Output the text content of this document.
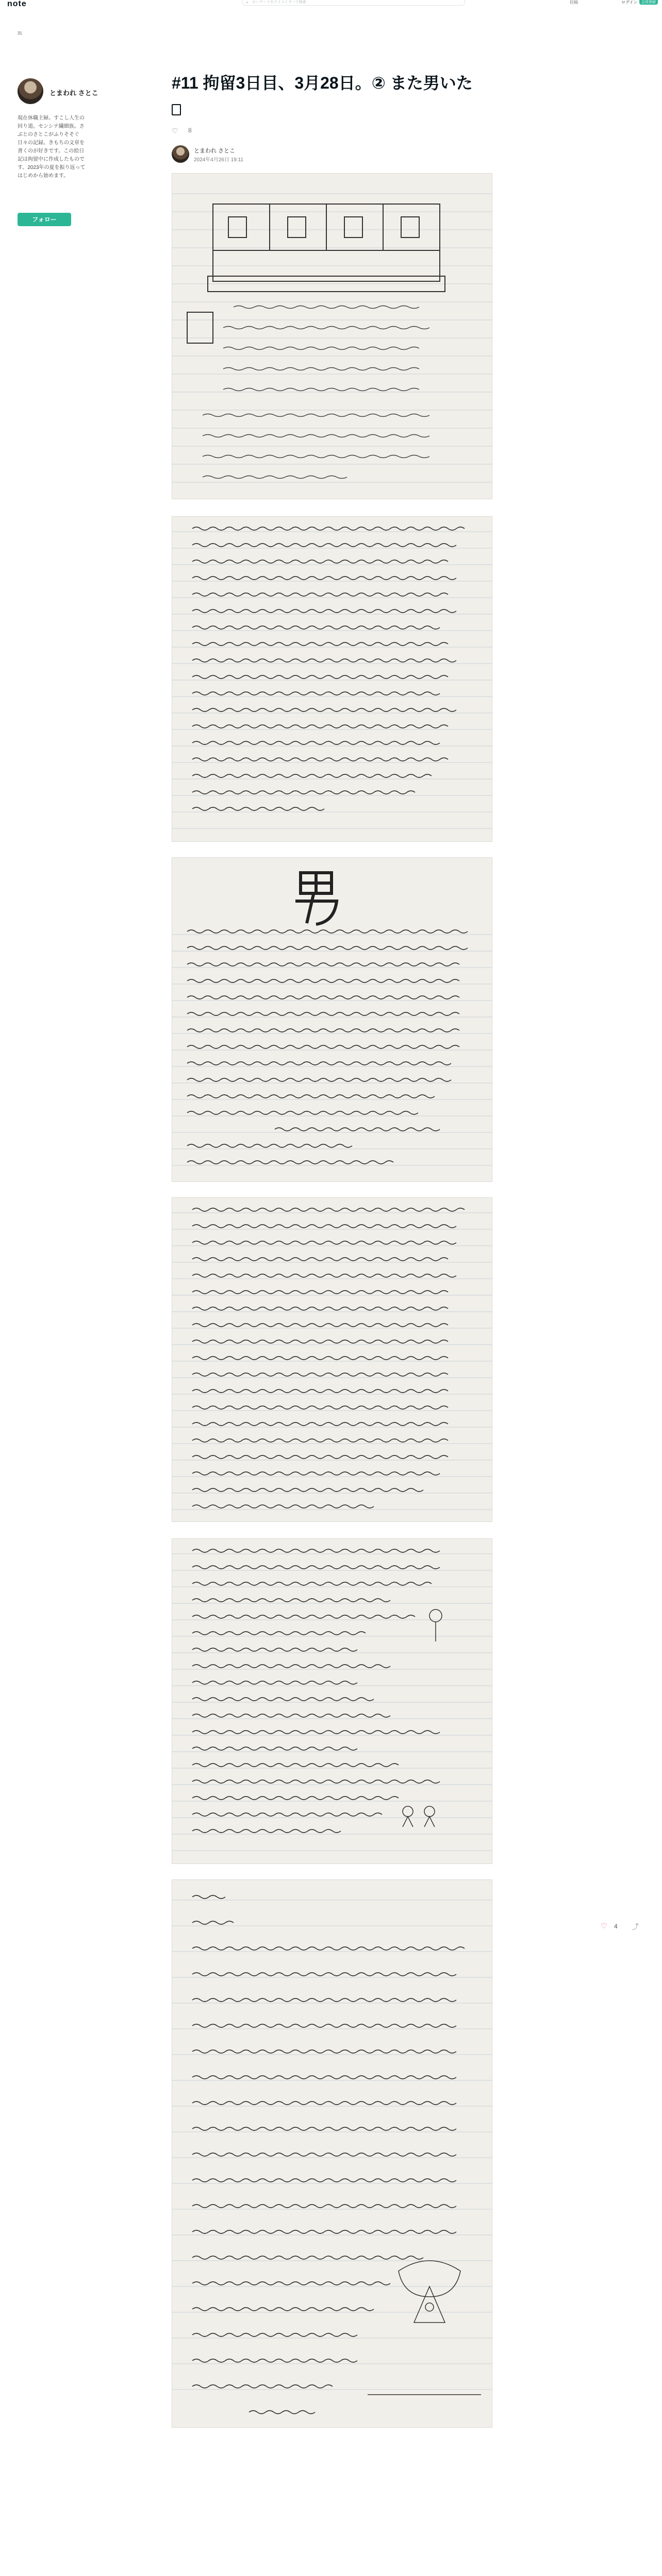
note	⌕ キーワードやクリエイターで検索	投稿	ログイン	会員登録
31
とまわれ さとこ
現在休職主婦。すこし人生の回り道。センシテ繊細族。さぶとのさとこがふりそそぐ日々の記録。きもちの文章を書くのが好きです。この絵日記は拘留中に作成したものです。2023年の夏を振り返ってはじめから始めます。
フォロー
#11 拘留3日目、3月28日。② また男いた
♡ 8
とまわれ さとこ
2024年4月26日 19:11
♡ 4 ⤴
